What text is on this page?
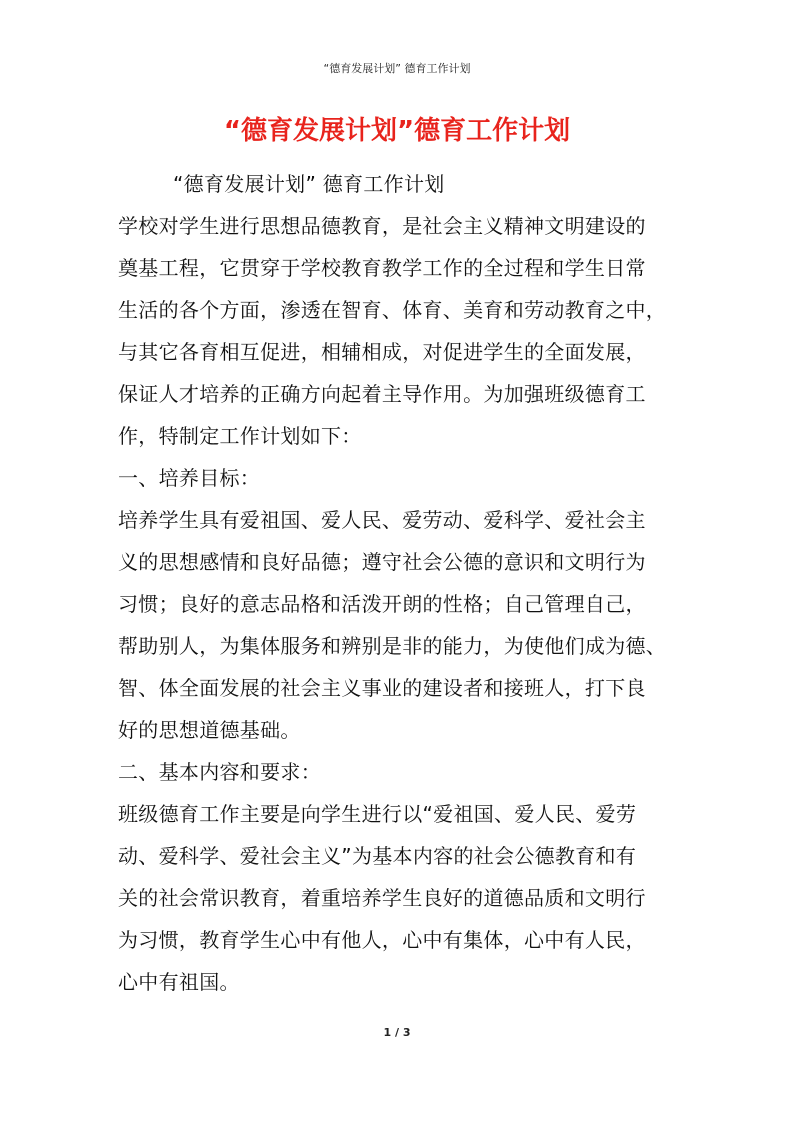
“德育发展计划” 德育工作计划
“德育发展计划”德育工作计划
“德育发展计划” 德育工作计划
学校对学生进行思想品德教育，是社会主义精神文明建设的
奠基工程，它贯穿于学校教育教学工作的全过程和学生日常
生活的各个方面，渗透在智育、体育、美育和劳动教育之中，
与其它各育相互促进，相辅相成，对促进学生的全面发展，
保证人才培养的正确方向起着主导作用。为加强班级德育工
作，特制定工作计划如下：
一、培养目标：
培养学生具有爱祖国、爱人民、爱劳动、爱科学、爱社会主
义的思想感情和良好品德；遵守社会公德的意识和文明行为
习惯；良好的意志品格和活泼开朗的性格；自己管理自己，
帮助别人，为集体服务和辨别是非的能力，为使他们成为德、
智、体全面发展的社会主义事业的建设者和接班人，打下良
好的思想道德基础。
二、基本内容和要求：
班级德育工作主要是向学生进行以“爱祖国、爱人民、爱劳
动、爱科学、爱社会主义”为基本内容的社会公德教育和有
关的社会常识教育，着重培养学生良好的道德品质和文明行
为习惯，教育学生心中有他人，心中有集体，心中有人民，
心中有祖国。
1 / 3
